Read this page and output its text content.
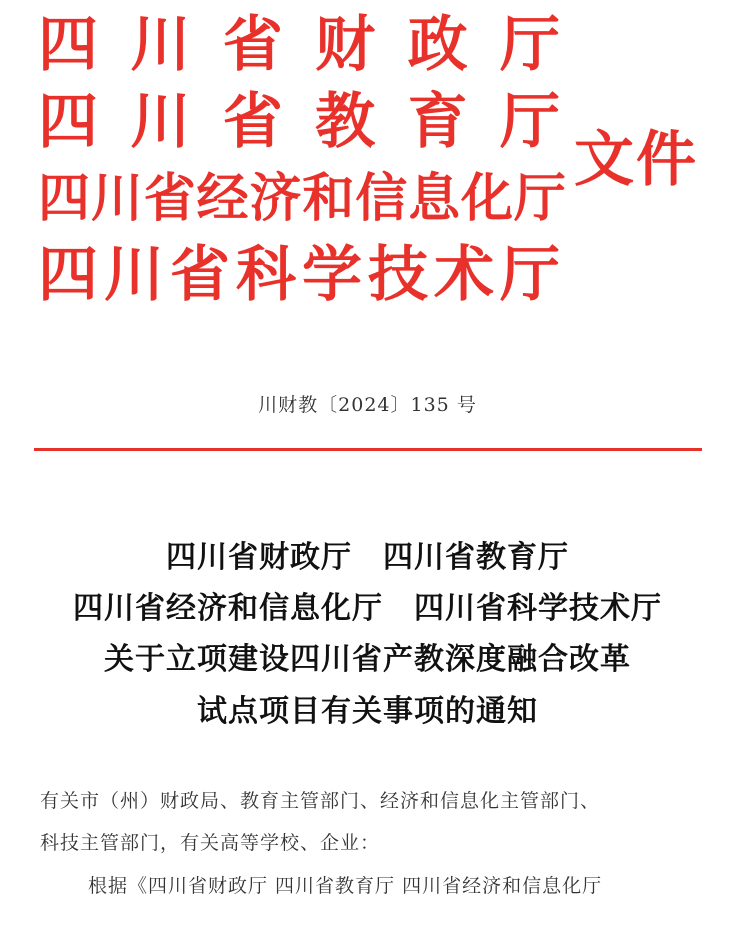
四 川 省 财 政 厅
四 川 省 教 育 厅
四 川 省 经 济 和 信 息 化 厅
四 川 省 科 学 技 术 厅
文件
川财教〔2024〕135 号
四川省财政厅　四川省教育厅
四川省经济和信息化厅　四川省科学技术厅
关于立项建设四川省产教深度融合改革
试点项目有关事项的通知
有关市（州）财政局、教育主管部门、经济和信息化主管部门、
科技主管部门，有关高等学校、企业：
根据《四川省财政厅 四川省教育厅 四川省经济和信息化厅
